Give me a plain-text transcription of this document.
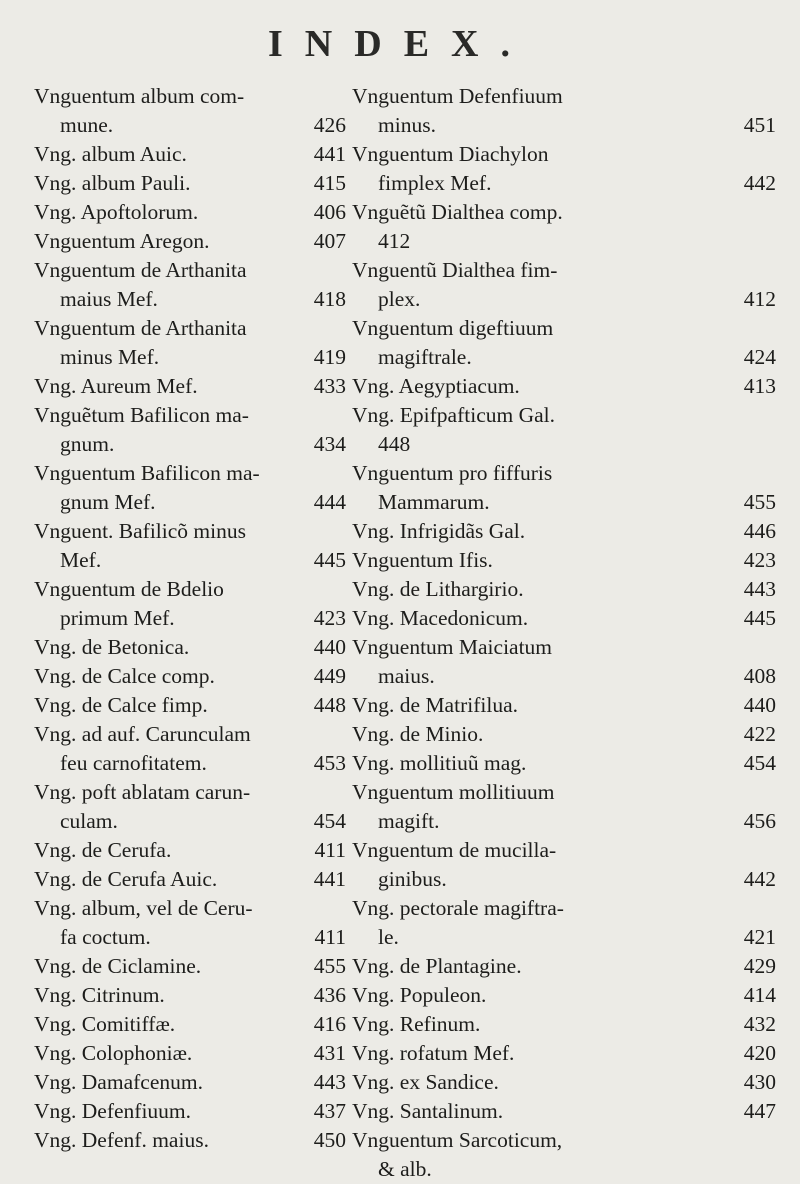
INDEX.
Vnguentum album com-
mune.	426
Vng. album Auic.	441
Vng. album Pauli.	415
Vng. Apoftolorum.	406
Vnguentum Aregon.	407
Vnguentum de Arthanita
maius Mef.	418
Vnguentum de Arthanita
minus Mef.	419
Vng. Aureum Mef.	433
Vnguẽtum Bafilicon ma-
gnum.	434
Vnguentum Bafilicon ma-
gnum Mef.	444
Vnguent. Bafilicõ minus
Mef.	445
Vnguentum de Bdelio
primum Mef.	423
Vng. de Betonica.	440
Vng. de Calce comp.	449
Vng. de Calce fimp.	448
Vng. ad auf. Carunculam
feu carnofitatem.	453
Vng. poft ablatam carun-
culam.	454
Vng. de Cerufa.	411
Vng. de Cerufa Auic.	441
Vng. album, vel de Ceru-
fa coctum.	411
Vng. de Ciclamine.	455
Vng. Citrinum.	436
Vng. Comitiffæ.	416
Vng. Colophoniæ.	431
Vng. Damafcenum.	443
Vng. Defenfiuum.	437
Vng. Defenf. maius.	450
Vnguentum Defenfiuum
minus.	451
Vnguentum Diachylon
fimplex Mef.	442
Vnguẽtũ Dialthea comp.
412
Vnguentũ Dialthea fim-
plex.	412
Vnguentum digeftiuum
magiftrale.	424
Vng. Aegyptiacum.	413
Vng. Epifpafticum Gal.
448
Vnguentum pro fiffuris
Mammarum.	455
Vng. Infrigidãs Gal.	446
Vnguentum Ifis.	423
Vng. de Lithargirio.	443
Vng. Macedonicum.	445
Vnguentum Maiciatum
maius.	408
Vng. de Matrifilua.	440
Vng. de Minio.	422
Vng. mollitiuũ mag.	454
Vnguentum mollitiuum
magift.	456
Vnguentum de mucilla-
ginibus.	442
Vng. pectorale magiftra-
le.	421
Vng. de Plantagine.	429
Vng. Populeon.	414
Vng. Refinum.	432
Vng. rofatum Mef.	420
Vng. ex Sandice.	430
Vng. Santalinum.	447
Vnguentum Sarcoticum,
& alb.
